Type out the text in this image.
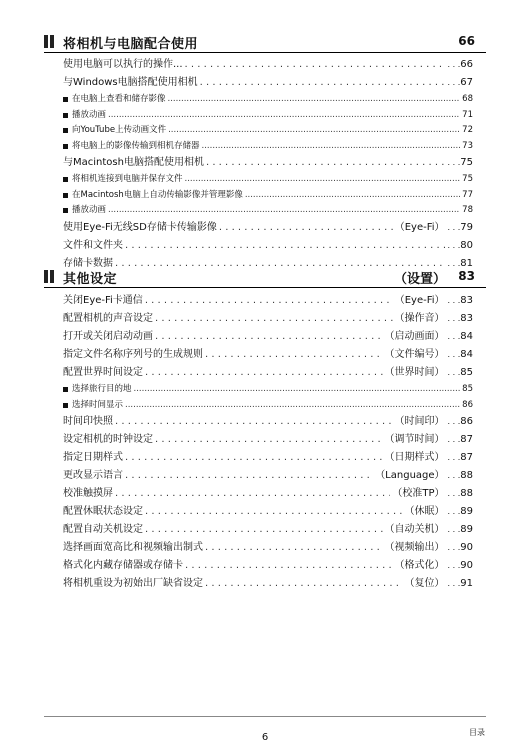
将相机与电脑配合使用	66
使用电脑可以执行的操作... . . .	. . . 66
与Windows电脑搭配使用相机 . . .	. . . 67
在电脑上查看和储存影像 .....	68
播放动画 .....	71
向YouTube上传动画文件 .....	72
将电脑上的影像传输到相机存储器 .....	73
与Macintosh电脑搭配使用相机 . . .	. . . 75
将相机连接到电脑并保存文件 .....	75
在Macintosh电脑上自动传输影像并管理影像 .....	77
播放动画 .....	78
使用Eye-Fi无线SD存储卡传输影像 . . .	（Eye-Fi） . . . 79
文件和文件夹 . . .	. . . 80
存储卡数据 . . .	. . . 81
其他设定	（设置） 83
关闭Eye-Fi卡通信 . . .	（Eye-Fi） . . . 83
配置相机的声音设定 . . .	（操作音） . . . 83
打开或关闭启动动画 . . .	（启动画面） . . . 84
指定文件名称序列号的生成规则 . . .	（文件编号） . . . 84
配置世界时间设定 . . .	（世界时间） . . . 85
选择旅行目的地 .....	85
选择时间显示 .....	86
时间印快照 . . .	（时间印） . . . 86
设定相机的时钟设定 . . .	（调节时间） . . . 87
指定日期样式 . . .	（日期样式） . . . 87
更改显示语言 . . .	（Language） . . . 88
校准触摸屏 . . .	（校准TP） . . . 88
配置休眠状态设定 . . .	（休眠） . . . 89
配置自动关机设定 . . .	（自动关机） . . . 89
选择画面宽高比和视频输出制式 . . .	（视频输出） . . . 90
格式化内藏存储器或存储卡 . . .	（格式化） . . . 90
将相机重设为初始出厂缺省设定 . . .	（复位） . . . 91
6	目录
